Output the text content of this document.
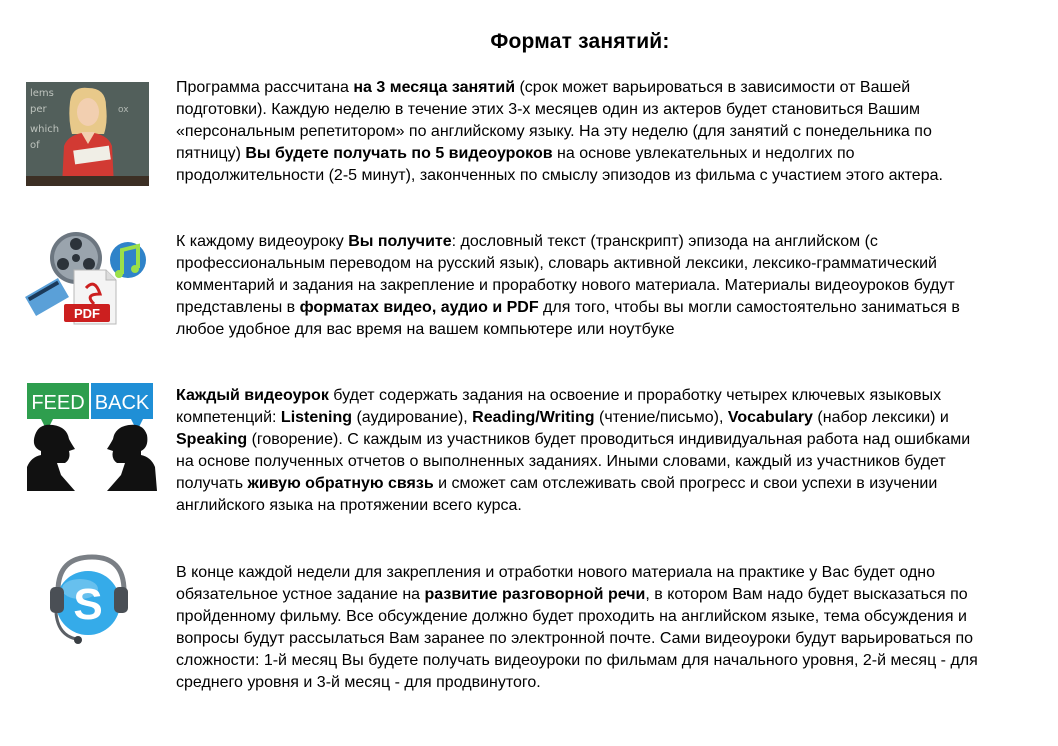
Формат занятий:
lems
per
which
of
ox
Программа рассчитана на 3 месяца занятий (срок может варьироваться в зависимости от Вашей подготовки). Каждую неделю в течение этих 3-х месяцев один из актеров будет становиться Вашим «персональным репетитором» по английскому языку. На эту неделю (для занятий с понедельника по пятницу) Вы будете получать по 5 видеоуроков на основе увлекательных и недолгих по продолжительности (2-5 минут), законченных по смыслу эпизодов из фильма с участием этого актера.
PDF
К каждому видеоуроку Вы получите: дословный текст (транскрипт) эпизода на английском (с профессиональным переводом на русский язык), словарь активной лексики, лексико-грамматический комментарий и задания на закрепление и проработку нового материала. Материалы видеоуроков будут представлены в форматах видео, аудио и PDF для того, чтобы вы могли самостоятельно заниматься в любое удобное для вас время на вашем компьютере или ноутбуке
FEED BACK Каждый видеоурок будет содержать задания на освоение и проработку четырех ключевых языковых компетенций: Listening (аудирование), Reading/Writing (чтение/письмо), Vocabulary (набор лексики) и Speaking (говорение). С каждым из участников будет проводиться индивидуальная работа над ошибками на основе полученных отчетов о выполненных заданиях. Иными словами, каждый из участников будет получать живую обратную связь и сможет сам отслеживать свой прогресс и свои успехи в изучении английского языка на протяжении всего курса.
S
В конце каждой недели для закрепления и отработки нового материала на практике у Вас будет одно обязательное устное задание на развитие разговорной речи, в котором Вам надо будет высказаться по пройденному фильму. Все обсуждение должно будет проходить на английском языке, тема обсуждения и вопросы будут рассылаться Вам заранее по электронной почте. Сами видеоуроки будут варьироваться по сложности: 1-й месяц Вы будете получать видеоуроки по фильмам для начального уровня, 2-й месяц - для среднего уровня и 3-й месяц - для продвинутого.
